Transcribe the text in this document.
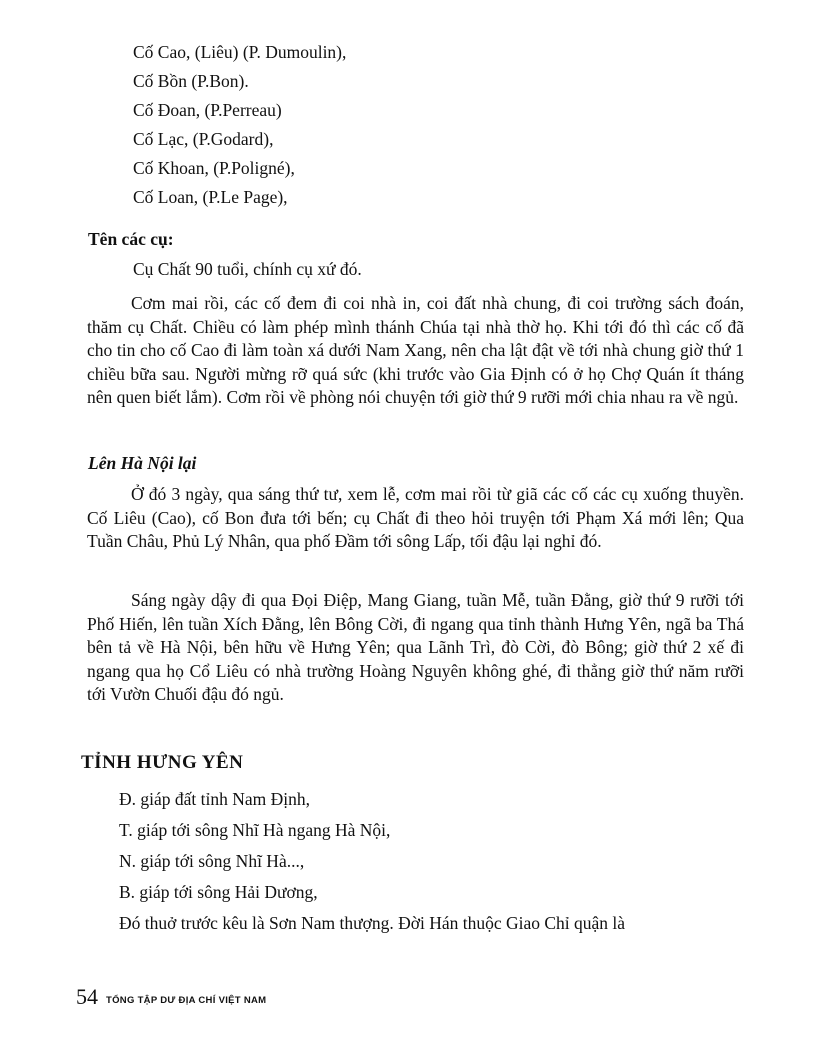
Cố Cao, (Liêu) (P. Dumoulin),
Cố Bồn (P.Bon).
Cố Đoan, (P.Perreau)
Cố Lạc, (P.Godard),
Cố Khoan, (P.Poligné),
Cố Loan, (P.Le Page),
Tên các cụ:
Cụ Chất 90 tuổi, chính cụ xứ đó.
Cơm mai rồi, các cố đem đi coi nhà in, coi đất nhà chung, đi coi trường sách đoán, thăm cụ Chất. Chiều có làm phép mình thánh Chúa tại nhà thờ họ. Khi tới đó thì các cố đã cho tin cho cố Cao đi làm toàn xá dưới Nam Xang, nên cha lật đật về tới nhà chung giờ thứ 1 chiều bữa sau. Người mừng rỡ quá sức (khi trước vào Gia Định có ở họ Chợ Quán ít tháng nên quen biết lắm). Cơm rồi về phòng nói chuyện tới giờ thứ 9 rưỡi mới chia nhau ra về ngủ.
Lên Hà Nội lại
Ở đó 3 ngày, qua sáng thứ tư, xem lễ, cơm mai rồi từ giã các cố các cụ xuống thuyền. Cố Liêu (Cao), cố Bon đưa tới bến; cụ Chất đi theo hỏi truyện tới Phạm Xá mới lên; Qua Tuần Châu, Phủ Lý Nhân, qua phố Đầm tới sông Lấp, tối đậu lại nghỉ đó.
Sáng ngày dậy đi qua Đọi Điệp, Mang Giang, tuần Mễ, tuần Đằng, giờ thứ 9 rưỡi tới Phố Hiến, lên tuần Xích Đằng, lên Bông Cời, đi ngang qua tỉnh thành Hưng Yên, ngã ba Thá bên tả về Hà Nội, bên hữu về Hưng Yên; qua Lãnh Trì, đò Cời, đò Bông; giờ thứ 2 xế đi ngang qua họ Cổ Liêu có nhà trường Hoàng Nguyên không ghé, đi thẳng giờ thứ năm rưỡi tới Vườn Chuối đậu đó ngủ.
TỈNH HƯNG YÊN
Đ. giáp đất tỉnh Nam Định,
T. giáp tới sông Nhĩ Hà ngang Hà Nội,
N. giáp tới sông Nhĩ Hà...,
B. giáp tới sông Hải Dương,
Đó thuở trước kêu là Sơn Nam thượng. Đời Hán thuộc Giao Chỉ quận là
54 TỔNG TẬP DƯ ĐỊA CHÍ VIỆT NAM
